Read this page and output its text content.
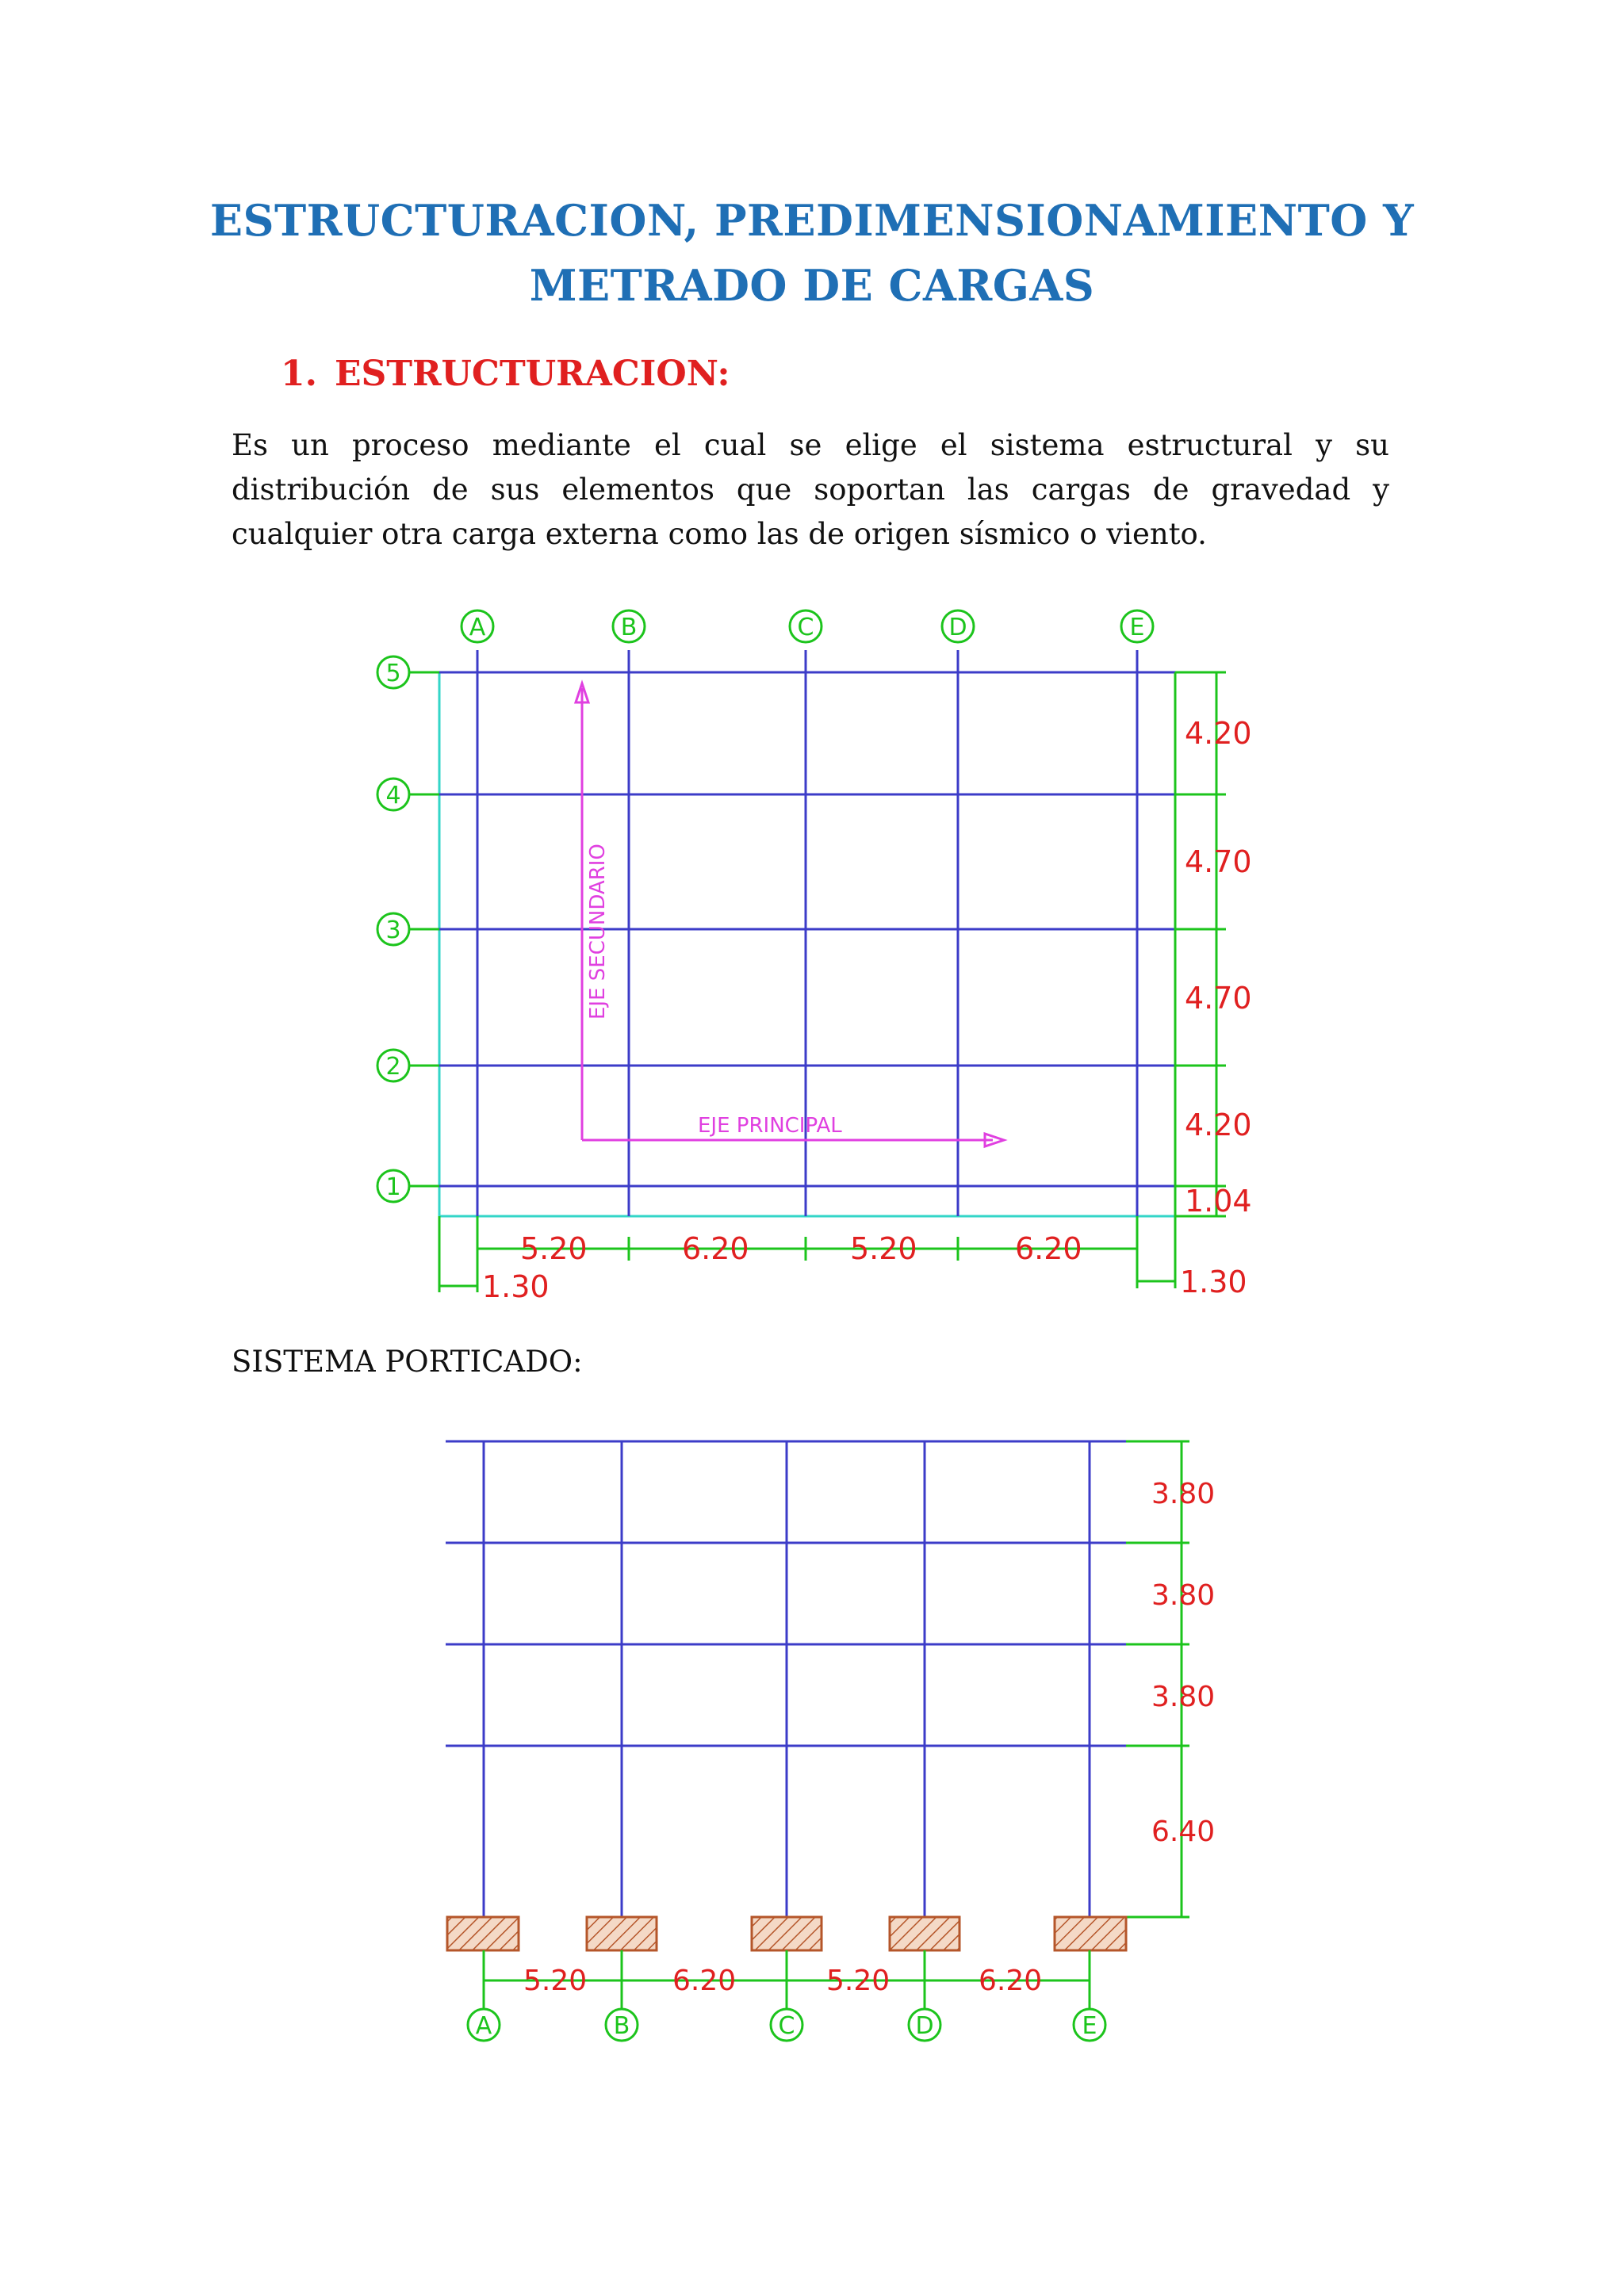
ESTRUCTURACION, PREDIMENSIONAMIENTO Y
METRADO DE CARGAS
1. ESTRUCTURACION:

Es un proceso mediante el cual se elige el sistema estructural y su distribución de sus elementos que soportan las cargas de gravedad y cualquier otra carga externa como las de origen sísmico o viento.

SISTEMA PORTICADO:

A	B	C	D	E
5
4
3
2
1
4.20
4.70
4.70
4.20
1.04
5.20	6.20	5.20	6.20
1.30	1.30
EJE SECUNDARIO
EJE PRINCIPAL
3.80
3.80
3.80
6.40
5.20	6.20	5.20	6.20
A	B	C	D	E
